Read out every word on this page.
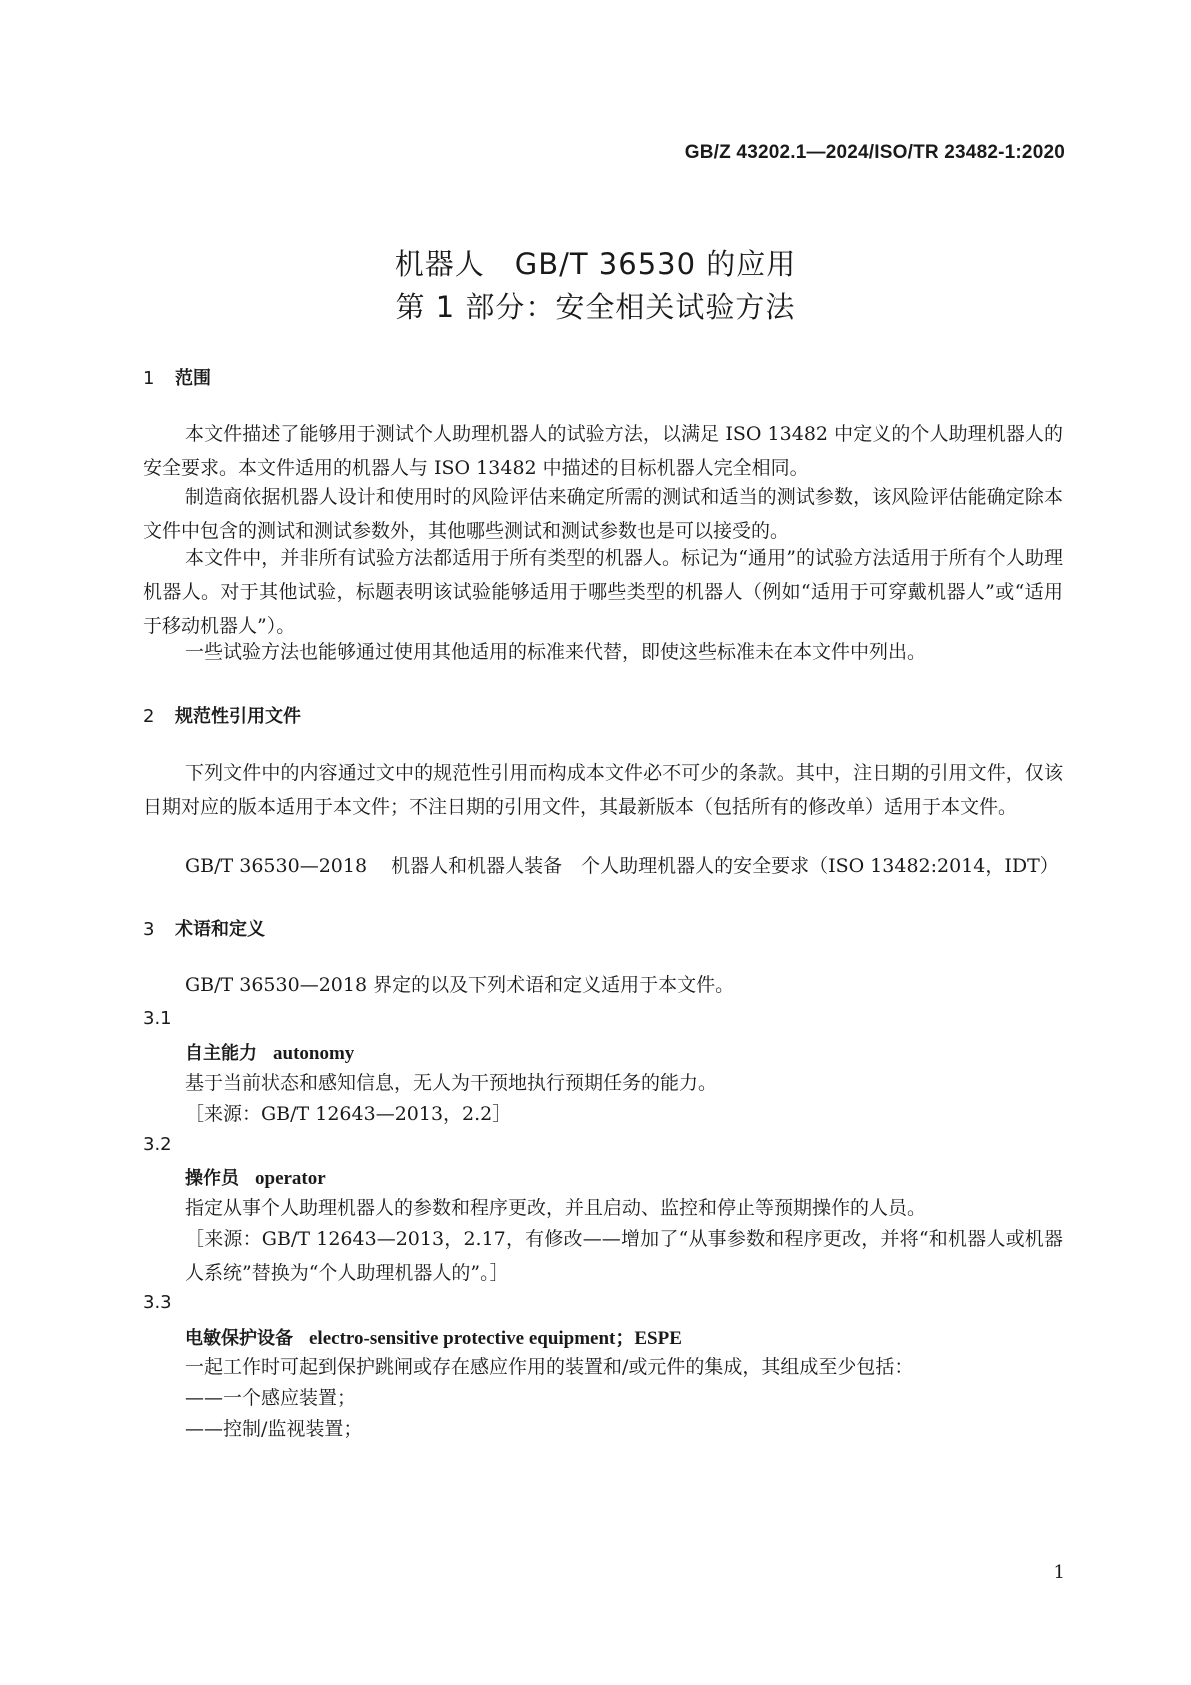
GB/Z 43202.1—2024/ISO/TR 23482-1:2020
机器人　GB/T 36530 的应用
第 1 部分：安全相关试验方法
1 范围

本文件描述了能够用于测试个人助理机器人的试验方法，以满足 ISO 13482 中定义的个人助理机器人的安全要求。本文件适用的机器人与 ISO 13482 中描述的目标机器人完全相同。

制造商依据机器人设计和使用时的风险评估来确定所需的测试和适当的测试参数，该风险评估能确定除本文件中包含的测试和测试参数外，其他哪些测试和测试参数也是可以接受的。

本文件中，并非所有试验方法都适用于所有类型的机器人。标记为“通用”的试验方法适用于所有个人助理机器人。对于其他试验，标题表明该试验能够适用于哪些类型的机器人（例如“适用于可穿戴机器人”或“适用于移动机器人”）。

一些试验方法也能够通过使用其他适用的标准来代替，即使这些标准未在本文件中列出。

2 规范性引用文件

下列文件中的内容通过文中的规范性引用而构成本文件必不可少的条款。其中，注日期的引用文件，仅该日期对应的版本适用于本文件；不注日期的引用文件，其最新版本（包括所有的修改单）适用于本文件。

GB/T 36530—2018 机器人和机器人装备　个人助理机器人的安全要求（ISO 13482:2014，IDT）
3 术语和定义
GB/T 36530—2018 界定的以及下列术语和定义适用于本文件。
3.1
自主能力 autonomy
基于当前状态和感知信息，无人为干预地执行预期任务的能力。
［来源：GB/T 12643—2013，2.2］
3.2
操作员 operator
指定从事个人助理机器人的参数和程序更改，并且启动、监控和停止等预期操作的人员。

［来源：GB/T 12643—2013，2.17，有修改——增加了“从事参数和程序更改，并将“和机器人或机器人系统”替换为“个人助理机器人的”。］

3.3
电敏保护设备 electro-sensitive protective equipment；ESPE
一起工作时可起到保护跳闸或存在感应作用的装置和/或元件的集成，其组成至少包括：
——一个感应装置；
——控制/监视装置；
1
